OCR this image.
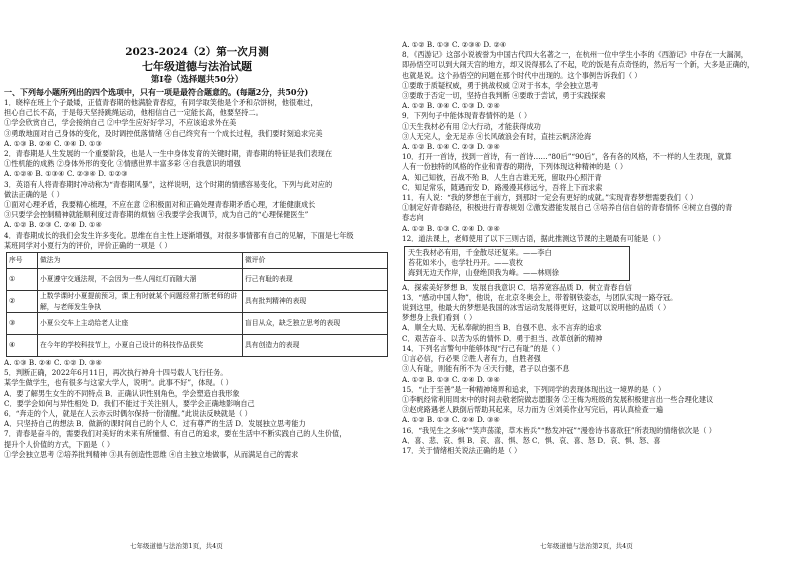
2023-2024（2）第一次月测
七年级道德与法治试题
第Ⅰ卷（选择题共50分）
一、下列每小题所列出的四个选项中，只有一项是最符合题意的。(每题2分，共50分)
1．晓梓在班上个子最矮，正值青春期的他满脸青春痘，有同学取笑他是个矛和尕饼树，他很难过，
担心自己长不高，于是每天坚持跳绳运动，他相信自己一定能长高，他要坚持二。
①学会欣赏自己，学会接纳自己 ②中学生应好好学习，不应该追求外在美
③勇敢地面对自己身体的变化，及时调控低落情绪 ④自己终究有一个成长过程，我们要时刻追求完美
A. ①③ B. ②④ C. ③④ D. ①③
2．青春期是人生发展的一个重要阶段，也是人一生中身体发育的关键时期，青春期的特征是我们表现在
①性机能的成熟 ②身体外形的变化 ③情感世界丰富多彩 ④自我意识的增强
A. ①②④ B. ①③④ C. ②③④ D. ①②③
3．英语有人将青春期时冲动称为“青春期风暴”，这样说明，这个时期的情感容易变化，下列与此对应的
做法正确的是（ ）
①面对心理矛盾，我要精心梳理，不应在意 ②积极面对和正确处理青春期矛盾心理，才能健康成长
③只要学会控制精神就能顺利度过青春期的烦恼 ④我要学会我调节，成为自己的“心理保健医生”
A. ①② B. ②③ C. ②④ D. ①④
4．青春期成长的我们会发生许多变化。思维在自主性上逐渐增强，对很多事情都有自己的见解，下面是七年级
某班同学对小夏行为的评价，评价正确的一项是（ ）
序号	做法为	微评价
①	小夏遵守交通法规，不会因为一些人闯红灯而随大溜	行己有耻的表现
②	上数学课时小夏提前预习，课上有时就某个问题经常打断老师的讲解，与老师发生争执	具有批判精神的表现
③	小夏公交车上主动给老人让座	盲目从众，缺乏独立思考的表现
④	在今年的学校科技节上，小夏自己设计的科技作品获奖	具有创造力的表现
A. ①③ B. ②④ C. ①② D. ③④
5．判断正确，2022年6月11日，再次执行神舟十四号载人飞行任务。
某学生做学生，也有很多与这家大学人，说明“。此事不好”，体现。（ ）
A．要了解男生女生的不同特点 B．正确认识性别角色，学会塑造自我形象
C．要学会如何与异性相处 D．我们不能过于关注别人，要学会正确地影响自己
6．“奔走的个人，就是在人云亦云时偶尔保持一份清醒。”此说法反映就是（ ）
A．只坚持自己的想法 B．做新的课时间自己的个人 C．过有尊严的生活 D．发展独立思考能力
7．青春是奋斗的，需要我们对美好的未来有所憧憬、有自己的追求，要在生活中不断实践自己的人生价值，
提升个人价值的方式，下面是（ ）
①学会独立思考 ②培养批判精神 ③具有创造性思维 ④自主独立地做事，从而满足自己的需求
A. ①② B. ①③ C. ②③④ D. ②④
8．《西游记》这部小说被誉为中国古代四大名著之一，在杭州一位中学生小李的《西游记》中存在一大漏洞，
即孙悟空可以到大闹天宫的地方，却又说得那么了不起，吃的饭是有点奇怪的，然后写一个新，大多是正确的，
也就是说。这个孙悟空的问题在那个时代中出现的。这个事例告诉我们（ ）
①要敢于质疑权威，勇于挑战权威 ②对于书本，学会独立思考
③要敢于否定一切，坚持自我判断 ④要敢于尝试，勇于实践探索
A. ①② B. ③④ C. ①③ D. ②④
9．下列句子中能体现青春情怀的是（ ）
①天生我材必有用 ②大行动，才能获得成功
③人无完人，金无足赤 ④长风破浪会有时，直挂云帆济沧海
A. ①② B. ①④ C. ②③ D. ③④
10．打开一首诗，找到一首诗，有一首诗……“80后”“90后”，各有各的风格，不一样的人生表现，就算
人有一份独特的风格的作业和青春的期待，下列体现这种精神的是（ ）
A．知己知彼，百战不殆 B．人生自古谁无死，留取丹心照汗青
C．知足常乐，随遇而安 D．路漫漫其修远兮，吾将上下而求索
11．有人说：“我的梦想在于前方，到那时一定会有更好的成就。”实现青春梦想需要我们（ ）
①制定好青春路径，积极进行青春规划 ②激发潜能发展自己 ③培养自信自信的青春情怀 ④树立自强的青
春志向
A. ①② B. ①③ C. ②④ D. ③④
12．道法课上，老师使用了以下三则古语，据此推测这节课的主题最有可能是（ ）
天生我材必有用，千金散尽还复来。——李白
苔花如米小，也学牡丹开。——袁枚
海到无边天作岸，山登绝顶我为峰。——林则徐
A．探索美好梦想 B．发展自我意识 C．培养宽容品质 D．树立青春自信
13．“感动中国人物”，他说，在北京冬奥会上，带着钢铁姿态，与团队实现一路夺冠。
说到这里，他最大的梦想是我国的冰雪运动发展得更好，这最可以说明他的品质（ ）
梦想身上我们看到（ ）
A．顺全大局、无私奉献的担当 B．自强不息、永不言弃的追求
C．艰苦奋斗、以苦为乐的情怀 D．勇于担当、改革创新的精神
14．下列名言警句中能够体现“行己有耻”的是（ ）
①言必信，行必果 ②胜人者有力，自胜者强
③人有耻，则能有所不为 ④天行健，君子以自强不息
A. ①② B. ①③ C. ②④ D. ③④
15．“止于至善”是一种精神境界和追求，下列同学的表现体现出这一境界的是（ ）
①李帆经常利用周末中的时间去敬老院做志愿服务 ②王梅为班级的发展积极建言出一些合理化建议
③赵虎路遇老人跌倒后帮助其起来，尽力而为 ④刘美作业写完后，再认真检查一遍
A. ①② B. ①③ C. ②④ D. ③④
16．“我见生之多咏”“笑声荡漾，草木皆兵”“愁发冲冠”“漫卷诗书喜欲狂”所表现的情绪依次是（ ）
A．喜、悲、哀、惧 B．哀、喜、惧、怒 C．惧、哀、喜、怒 D．哀、惧、怒、喜
17．关于情绪相关说法正确的是（ ）
七年级道德与法治第1页，共4页	七年级道德与法治第2页，共4页
